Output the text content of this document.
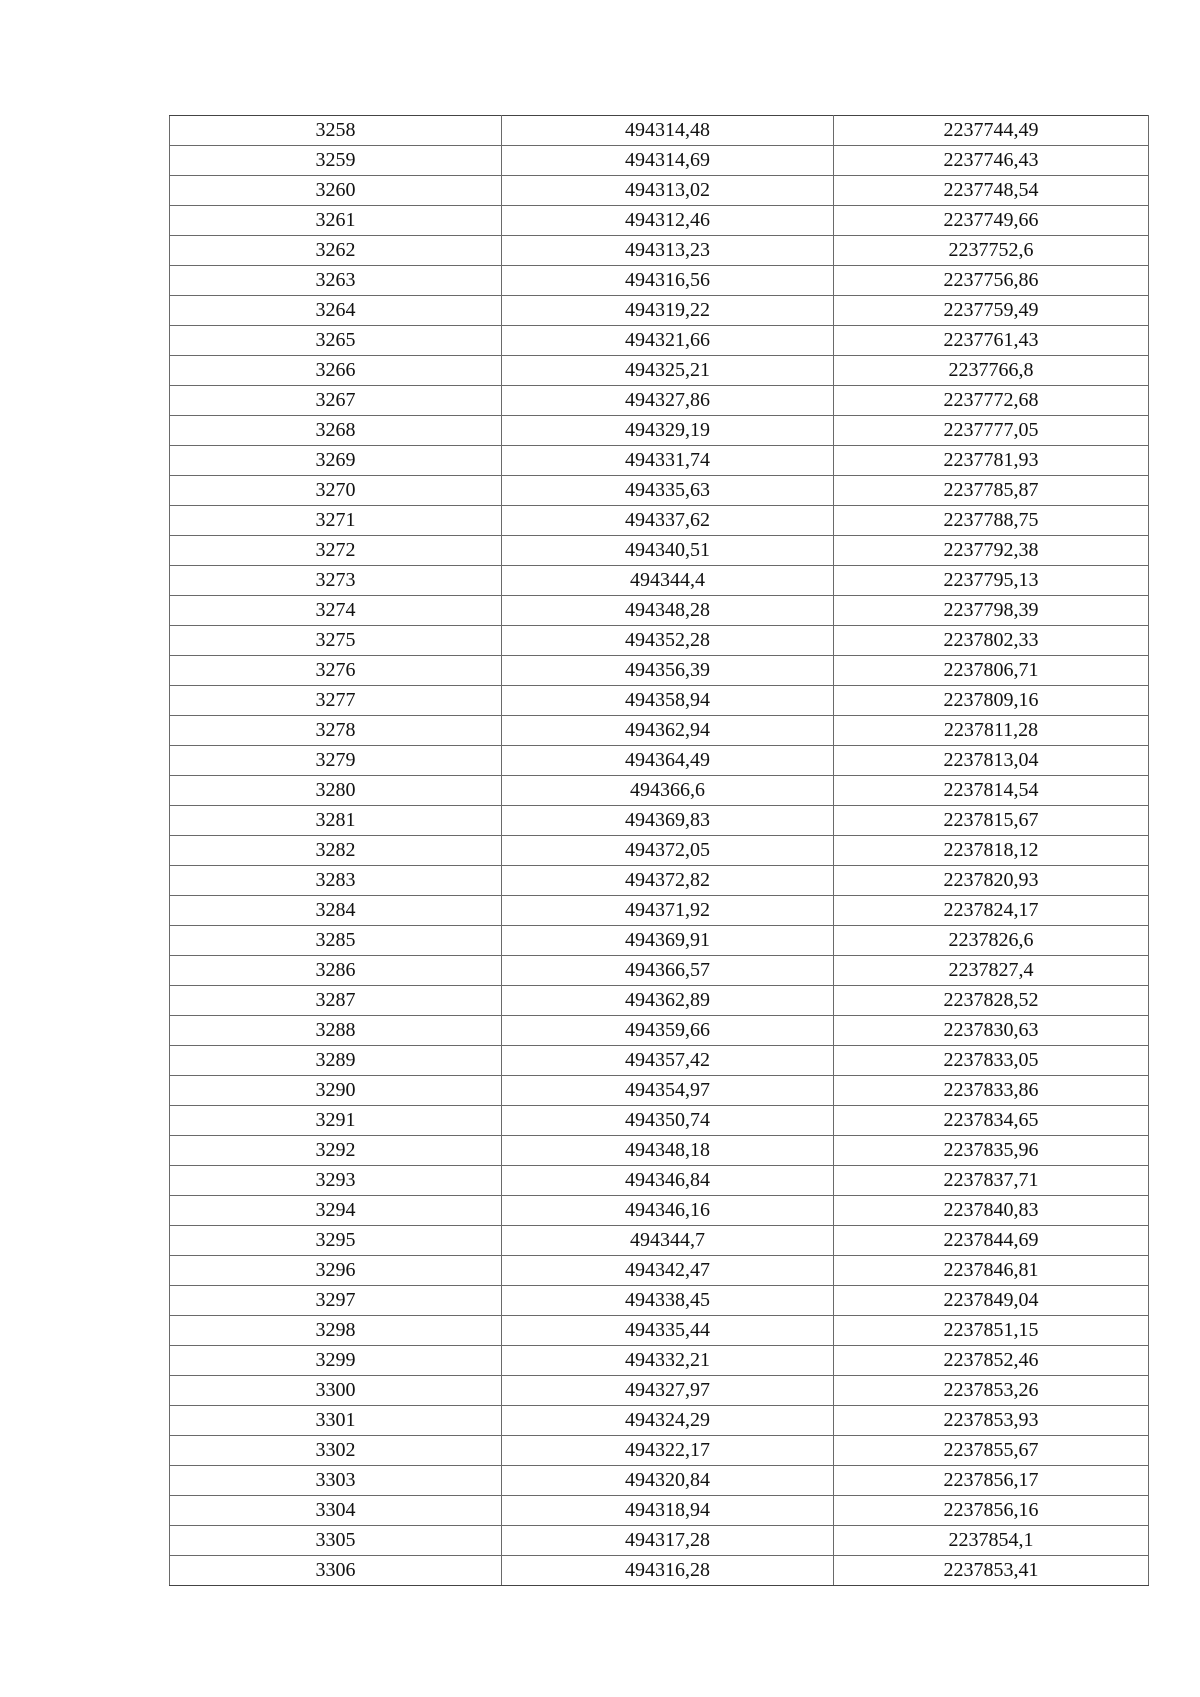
3258	494314,48	2237744,49
3259	494314,69	2237746,43
3260	494313,02	2237748,54
3261	494312,46	2237749,66
3262	494313,23	2237752,6
3263	494316,56	2237756,86
3264	494319,22	2237759,49
3265	494321,66	2237761,43
3266	494325,21	2237766,8
3267	494327,86	2237772,68
3268	494329,19	2237777,05
3269	494331,74	2237781,93
3270	494335,63	2237785,87
3271	494337,62	2237788,75
3272	494340,51	2237792,38
3273	494344,4	2237795,13
3274	494348,28	2237798,39
3275	494352,28	2237802,33
3276	494356,39	2237806,71
3277	494358,94	2237809,16
3278	494362,94	2237811,28
3279	494364,49	2237813,04
3280	494366,6	2237814,54
3281	494369,83	2237815,67
3282	494372,05	2237818,12
3283	494372,82	2237820,93
3284	494371,92	2237824,17
3285	494369,91	2237826,6
3286	494366,57	2237827,4
3287	494362,89	2237828,52
3288	494359,66	2237830,63
3289	494357,42	2237833,05
3290	494354,97	2237833,86
3291	494350,74	2237834,65
3292	494348,18	2237835,96
3293	494346,84	2237837,71
3294	494346,16	2237840,83
3295	494344,7	2237844,69
3296	494342,47	2237846,81
3297	494338,45	2237849,04
3298	494335,44	2237851,15
3299	494332,21	2237852,46
3300	494327,97	2237853,26
3301	494324,29	2237853,93
3302	494322,17	2237855,67
3303	494320,84	2237856,17
3304	494318,94	2237856,16
3305	494317,28	2237854,1
3306	494316,28	2237853,41
